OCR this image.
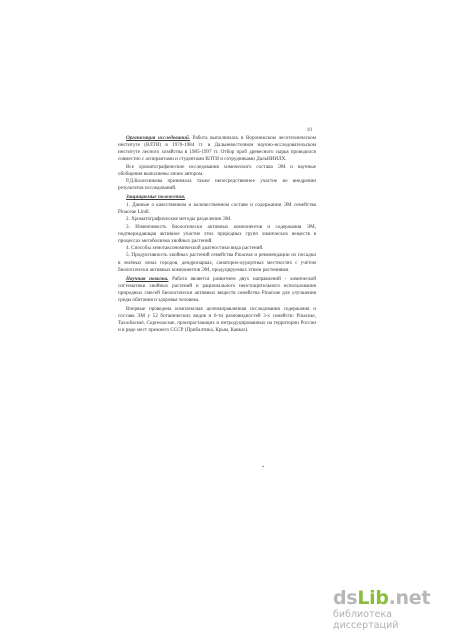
10

Организация исследований. Работа выполнялась в Воронежском лесотехническом институте (ВЛТИ) в 1970-1984 гг. и Дальневосточном научно-исследовательском институте лесного хозяйства в 1985-1997 гг. Отбор проб древесного сырья проводился совместно с аспирантами и студентами ВЛТИ и сотрудниками ДальНИИЛХ.

Все хроматографические исследования химического состава ЭМ и научные обобщения выполнены лично автором.

Р.Д.Колесникова принимала также непосредственное участие во внедрении результатов исследований.

Защищаемые положения.

1. Данные о качественном и количественном составе и содержании ЭМ семейства Pinaceae Lindl.

2. Хроматографические методы разделения ЭМ.

3. Изменчивость биологически активных компонентов и содержания ЭМ, подтверждающая активное участие этих природных групп химических веществ в процессах метаболизма хвойных растений.

4. Способы хемотаксономической диагностики вида растений.

5. Продуктивность хвойных растений семейства Pinaceae и рекомендации их посадки в зелёных зонах городов, дендропарках, санаторно-курортных местностях с учётом биологически активных компонентов ЭМ, продуцируемых этими растениями.

Научная новизна. Работа является развитием двух направлений - химической систематики хвойных растений и рационального неистощительного использования природных смесей биологически активных веществ семейства Pinaceae для улучшения среды обитания и здоровья человека.

Впервые проведена комплексная целенаправленная исследования содержания и состава ЭМ у 52 ботанических видов и 6-ти разновидностей 3-х семейств: Pinaceae, Taxodiaceae, Cupressaceae, произрастающих и интродуцированных на территории России и в ряде мест прежнего СССР (Прибалтика, Крым, Кавказ).

ds Lib .net
библиотека диссертаций
